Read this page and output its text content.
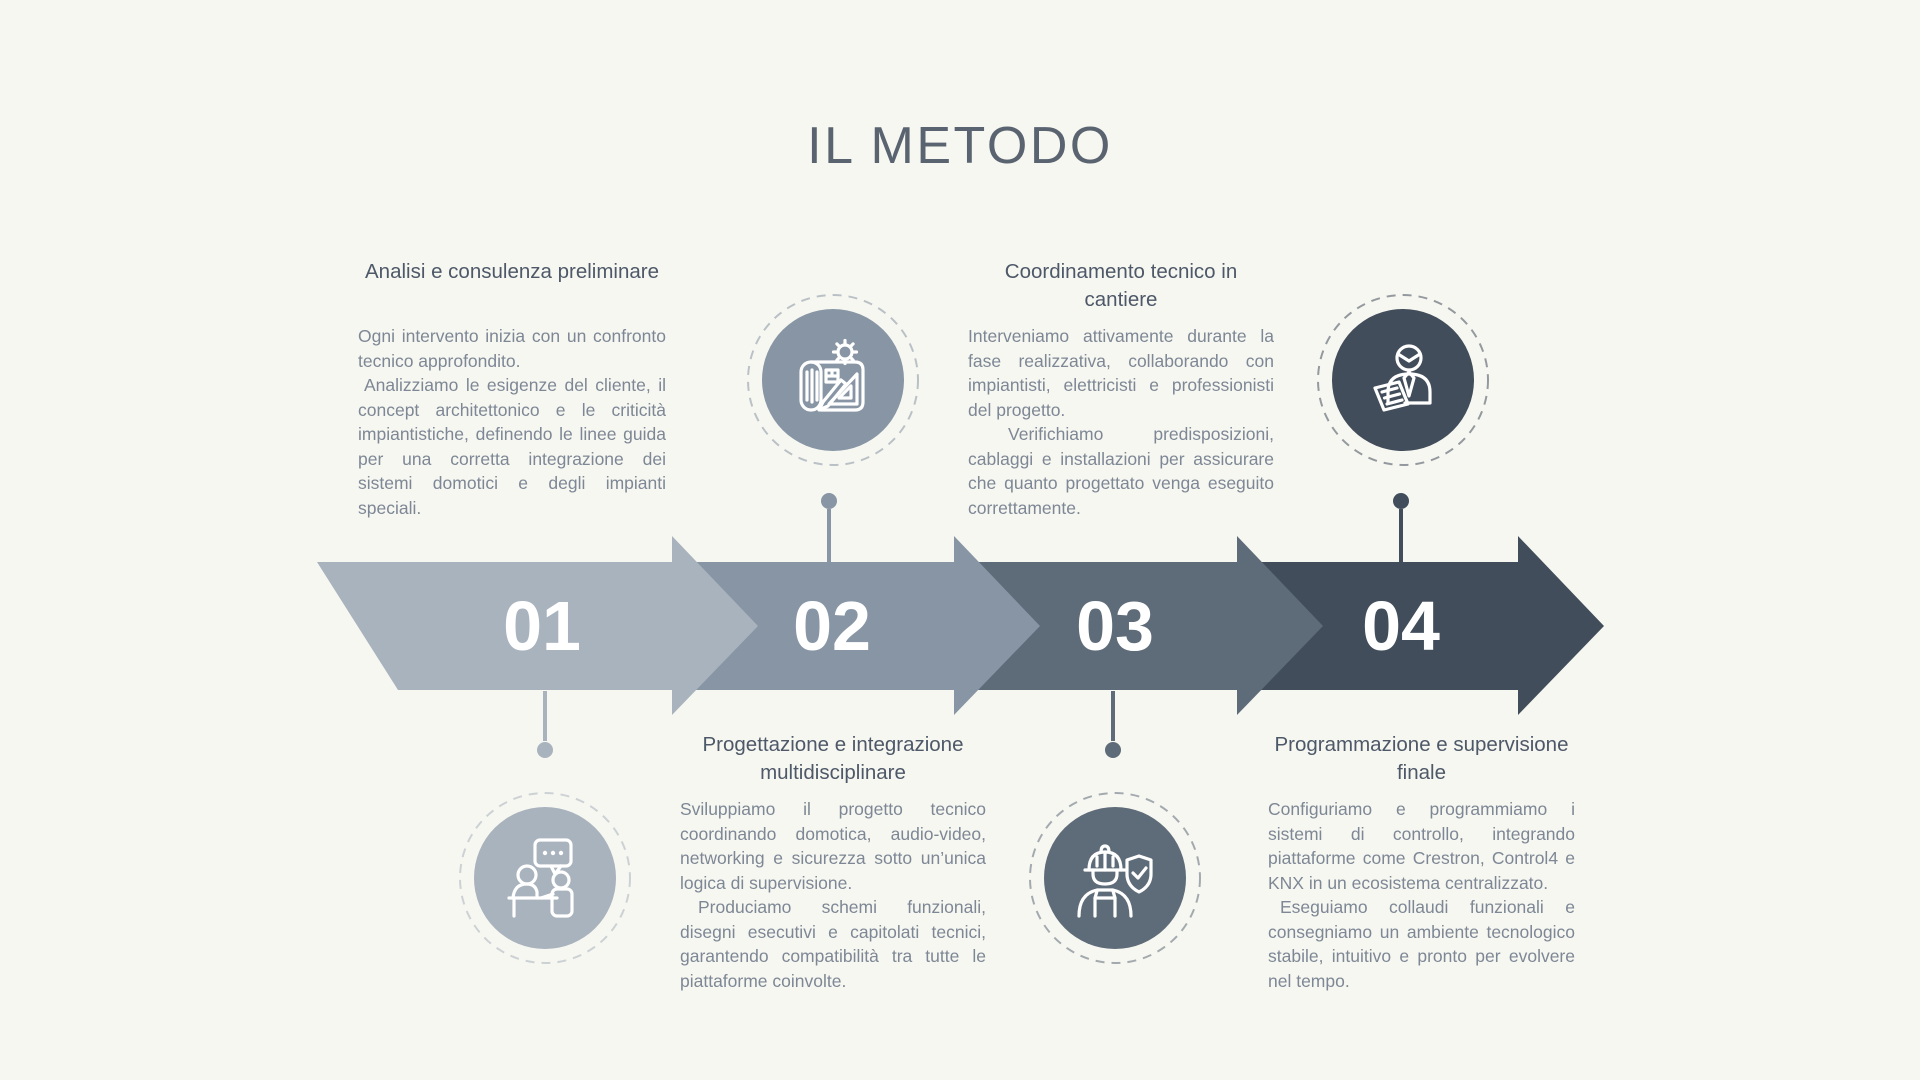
IL METODO
01	02	03	04
Analisi e consulenza preliminare

Ogni intervento inizia con un confronto tecnico approfondito.

Analizziamo le esigenze del cliente, il concept architettonico e le criticità impiantistiche, definendo le linee guida per una corretta integrazione dei sistemi domotici e degli impianti speciali.

Progettazione e integrazione multidisciplinare

Sviluppiamo il progetto tecnico coordinando domotica, audio-video, networking e sicurezza sotto un’unica logica di supervisione.

Produciamo schemi funzionali, disegni esecutivi e capitolati tecnici, garantendo compatibilità tra tutte le piattaforme coinvolte.

Coordinamento tecnico in cantiere

Interveniamo attivamente durante la fase realizzativa, collaborando con impiantisti, elettricisti e professionisti del progetto.

Verifichiamo predisposizioni, cablaggi e installazioni per assicurare che quanto progettato venga eseguito correttamente.

Programmazione e supervisione finale

Configuriamo e programmiamo i sistemi di controllo, integrando piattaforme come Crestron, Control4 e KNX in un ecosistema centralizzato.

Eseguiamo collaudi funzionali e consegniamo un ambiente tecnologico stabile, intuitivo e pronto per evolvere nel tempo.
